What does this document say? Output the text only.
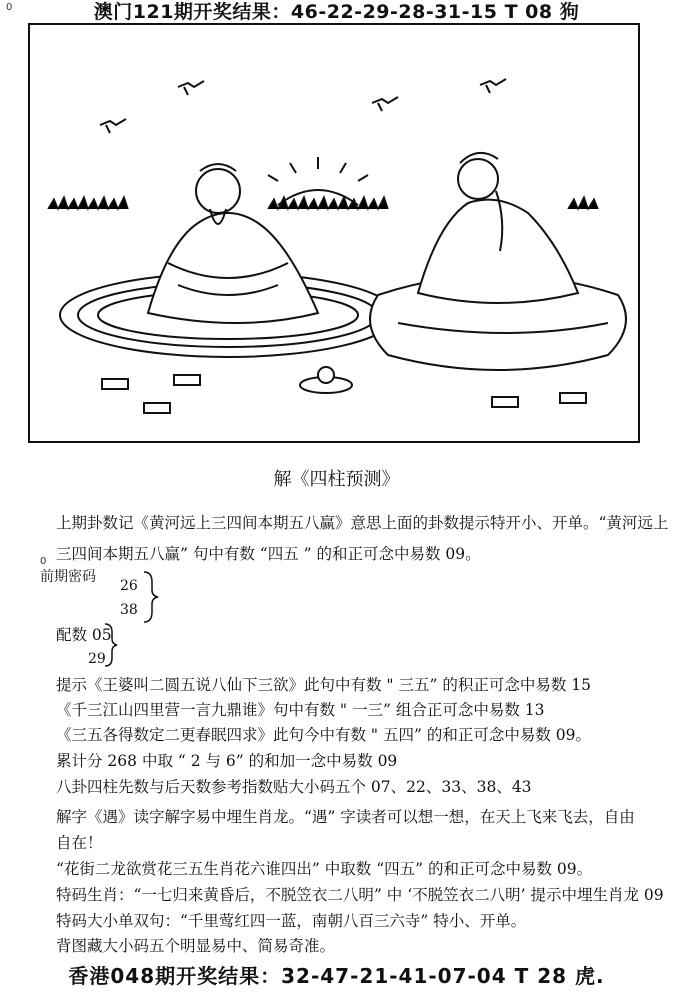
0	澳门121期开奖结果：46-22-29-28-31-15 T 08 狗
解《四柱预测》
上期卦数记《黄河远上三四间本期五八赢》意思上面的卦数提示特开小、开单。“黄河远上
三四间本期五八赢” 句中有数 “四五 ” 的和正可念中易数 09。
0
前期密码
26
38
配数 05
29
提示《王婆叫二圆五说八仙下三欲》此句中有数 " 三五” 的积正可念中易数 15
《千三江山四里营一言九鼎谁》句中有数 " 一三” 组合正可念中易数 13
《三五各得数定二更春眠四求》此句今中有数 " 五四” 的和正可念中易数 09。
累计分 268 中取 “ 2 与 6” 的和加一念中易数 09
八卦四柱先数与后天数参考指数贴大小码五个 07、22、33、38、43
解字《遇》读字解字易中埋生肖龙。“遇” 字读者可以想一想，在天上飞来飞去，自由
自在！
“花街二龙欲赏花三五生肖花六谁四出” 中取数 “四五” 的和正可念中易数 09。
特码生肖：“一七归来黄昏后，不脱笠衣二八明” 中 ‘不脱笠衣二八明’ 提示中埋生肖龙 09
特码大小单双句：“千里莺红四一蓝，南朝八百三六寺” 特小、开单。
背图藏大小码五个明显易中、简易奇准。
香港048期开奖结果：32-47-21-41-07-04 T 28 虎.
